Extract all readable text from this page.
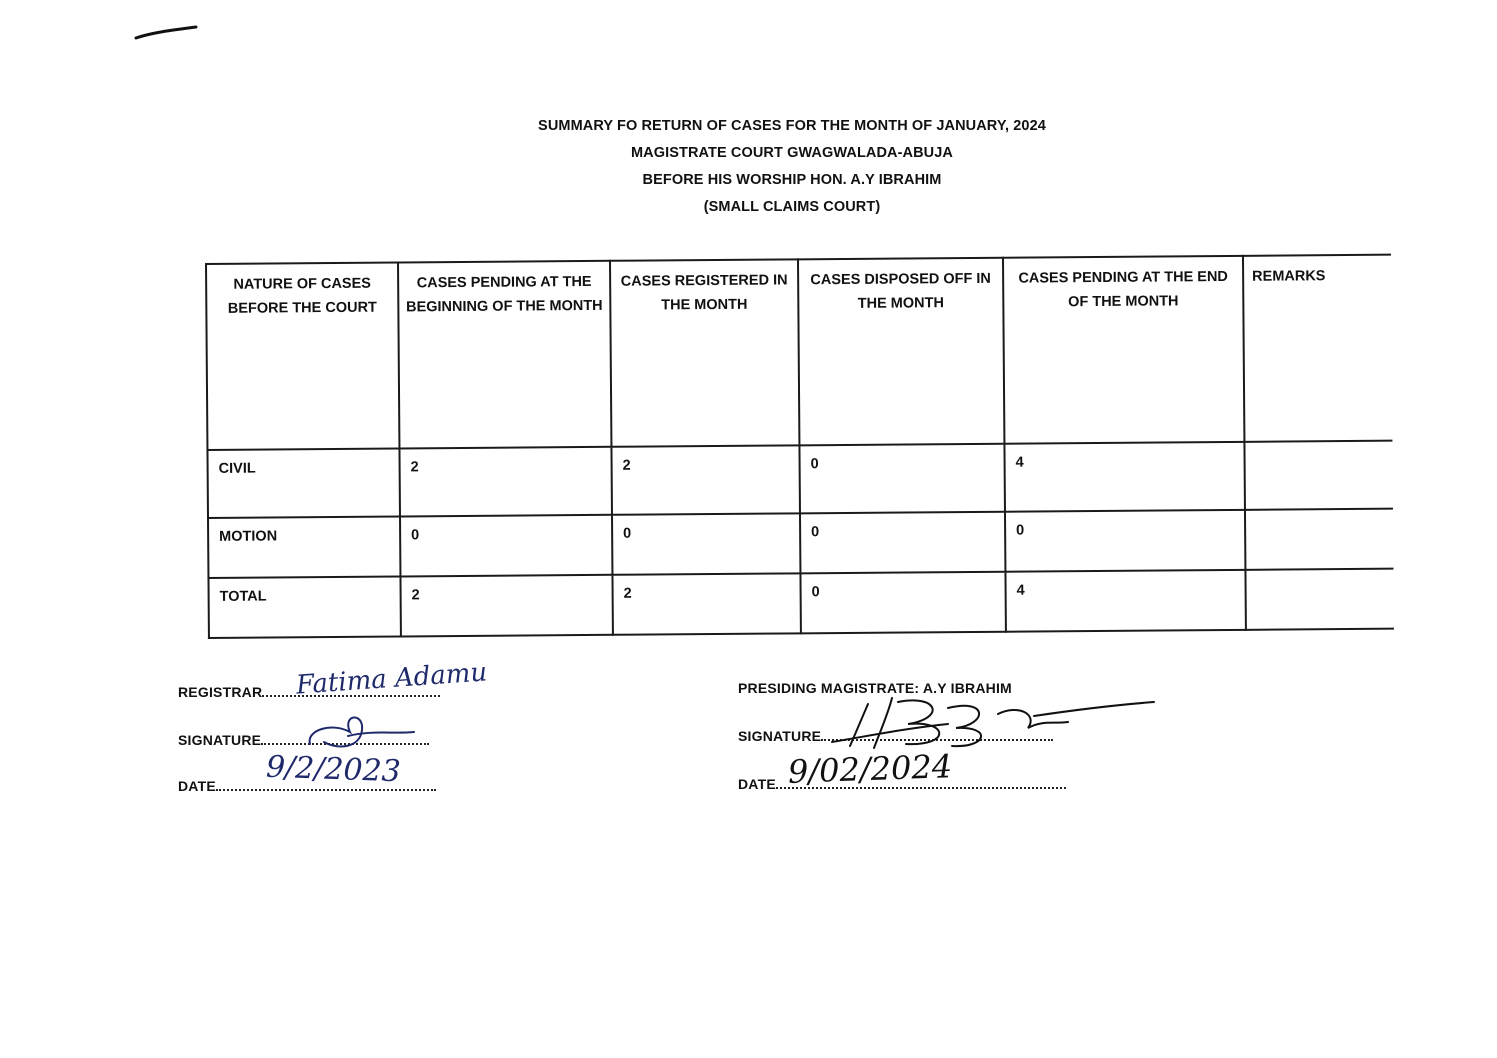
SUMMARY FO RETURN OF CASES FOR THE MONTH OF JANUARY, 2024
MAGISTRATE COURT GWAGWALADA-ABUJA
BEFORE HIS WORSHIP HON. A.Y IBRAHIM
(SMALL CLAIMS COURT)
NATURE OF CASES BEFORE THE COURT	CASES PENDING AT THE BEGINNING OF THE MONTH	CASES REGISTERED IN THE MONTH	CASES DISPOSED OFF IN THE MONTH	CASES PENDING AT THE END OF THE MONTH	REMARKS
CIVIL	2	2	0	4	
MOTION	0	0	0	0	
TOTAL	2	2	0	4	
REGISTRAR	Fatima Adamu
SIGNATURE
DATE	9/2/2023
PRESIDING MAGISTRATE: A.Y IBRAHIM
SIGNATURE
DATE 9/02/2024
